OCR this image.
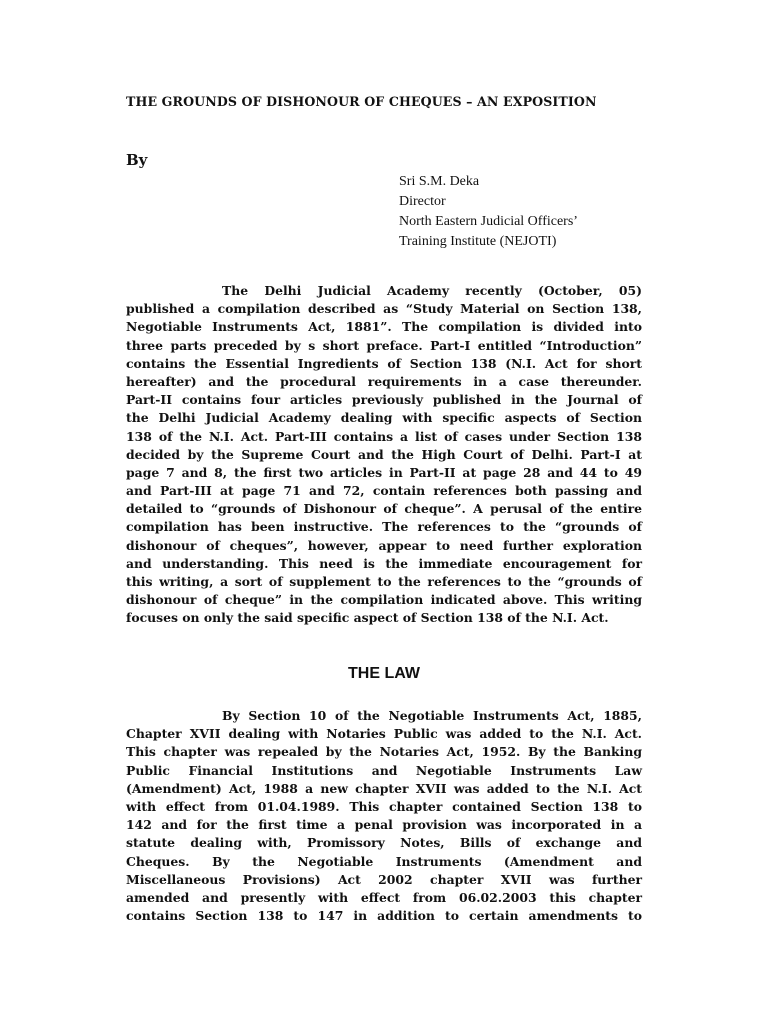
THE GROUNDS OF DISHONOUR OF CHEQUES – AN EXPOSITION
By
Sri S.M. Deka
Director
North Eastern Judicial Officers’
Training Institute (NEJOTI)
The Delhi Judicial Academy recently (October, 05)
published a compilation described as “Study Material on Section 138,
Negotiable Instruments Act, 1881”. The compilation is divided into
three parts preceded by s short preface. Part-I entitled “Introduction”
contains the Essential Ingredients of Section 138 (N.I. Act for short
hereafter) and the procedural requirements in a case thereunder.
Part-II contains four articles previously published in the Journal of
the Delhi Judicial Academy dealing with specific aspects of Section
138 of the N.I. Act. Part-III contains a list of cases under Section 138
decided by the Supreme Court and the High Court of Delhi. Part-I at
page 7 and 8, the first two articles in Part-II at page 28 and 44 to 49
and Part-III at page 71 and 72, contain references both passing and
detailed to “grounds of Dishonour of cheque”. A perusal of the entire
compilation has been instructive. The references to the “grounds of
dishonour of cheques”, however, appear to need further exploration
and understanding. This need is the immediate encouragement for
this writing, a sort of supplement to the references to the “grounds of
dishonour of cheque” in the compilation indicated above. This writing
focuses on only the said specific aspect of Section 138 of the N.I. Act.
THE LAW
By Section 10 of the Negotiable Instruments Act, 1885,
Chapter XVII dealing with Notaries Public was added to the N.I. Act.
This chapter was repealed by the Notaries Act, 1952. By the Banking
Public Financial Institutions and Negotiable Instruments Law
(Amendment) Act, 1988 a new chapter XVII was added to the N.I. Act
with effect from 01.04.1989. This chapter contained Section 138 to
142 and for the first time a penal provision was incorporated in a
statute dealing with, Promissory Notes, Bills of exchange and
Cheques. By the Negotiable Instruments (Amendment and
Miscellaneous Provisions) Act 2002 chapter XVII was further
amended and presently with effect from 06.02.2003 this chapter
contains Section 138 to 147 in addition to certain amendments to
